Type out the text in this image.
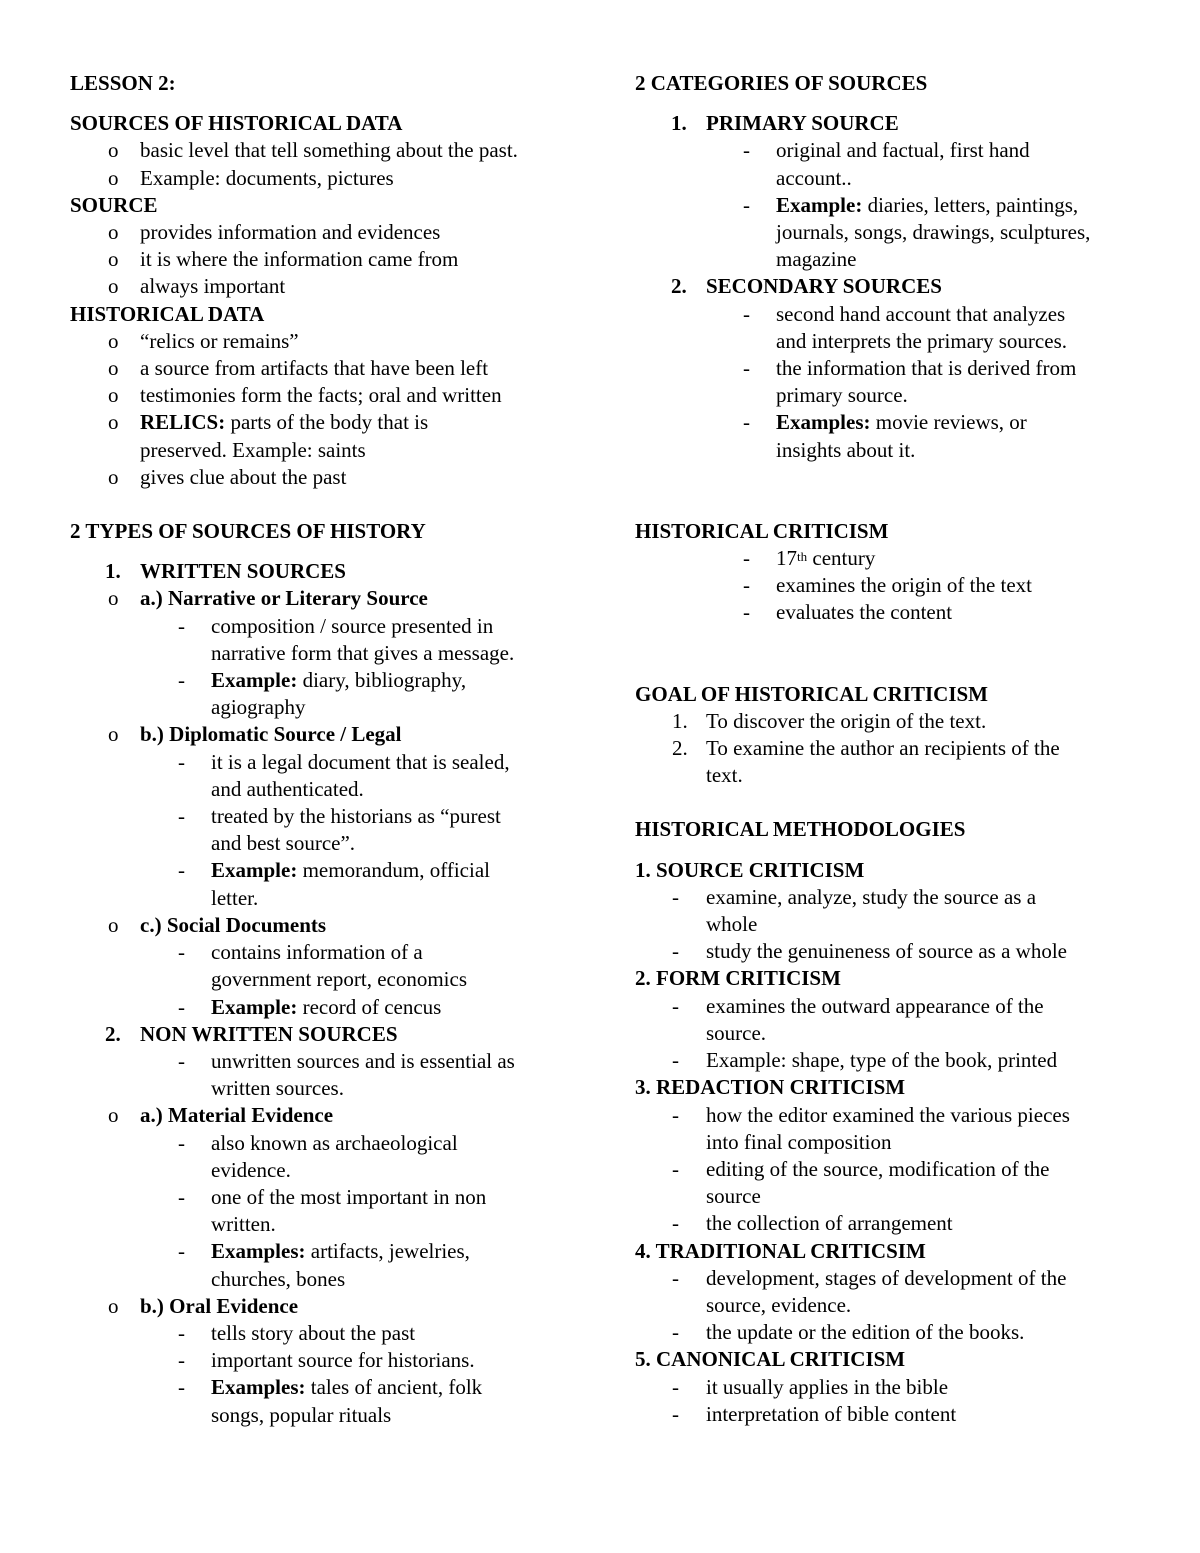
LESSON 2:
SOURCES OF HISTORICAL DATA
o basic level that tell something about the past.
o Example: documents, pictures
SOURCE
o provides information and evidences
o it is where the information came from
o always important
HISTORICAL DATA
o “relics or remains”
o a source from artifacts that have been left
o testimonies form the facts; oral and written
o RELICS: parts of the body that is
preserved. Example: saints
o gives clue about the past
2 TYPES OF SOURCES OF HISTORY
1. WRITTEN SOURCES
o a.) Narrative or Literary Source
- composition / source presented in
narrative form that gives a message.
- Example: diary, bibliography,
agiography
o b.) Diplomatic Source / Legal
- it is a legal document that is sealed,
and authenticated.
- treated by the historians as “purest
and best source”.
- Example: memorandum, official
letter.
o c.) Social Documents
- contains information of a
government report, economics
- Example: record of cencus
2. NON WRITTEN SOURCES
- unwritten sources and is essential as
written sources.
o a.) Material Evidence
- also known as archaeological
evidence.
- one of the most important in non
written.
- Examples: artifacts, jewelries,
churches, bones
o b.) Oral Evidence
- tells story about the past
- important source for historians.
- Examples: tales of ancient, folk
songs, popular rituals
2 CATEGORIES OF SOURCES
1. PRIMARY SOURCE
- original and factual, first hand
account..
- Example: diaries, letters, paintings,
journals, songs, drawings, sculptures,
magazine
2. SECONDARY SOURCES
- second hand account that analyzes
and interprets the primary sources.
- the information that is derived from
primary source.
- Examples: movie reviews, or
insights about it.
HISTORICAL CRITICISM
- 17th century
- examines the origin of the text
- evaluates the content
GOAL OF HISTORICAL CRITICISM
1. To discover the origin of the text.
2. To examine the author an recipients of the
text.
HISTORICAL METHODOLOGIES
1. SOURCE CRITICISM
- examine, analyze, study the source as a
whole
- study the genuineness of source as a whole
2. FORM CRITICISM
- examines the outward appearance of the
source.
- Example: shape, type of the book, printed
3. REDACTION CRITICISM
- how the editor examined the various pieces
into final composition
- editing of the source, modification of the
source
- the collection of arrangement
4. TRADITIONAL CRITICSIM
- development, stages of development of the
source, evidence.
- the update or the edition of the books.
5. CANONICAL CRITICISM
- it usually applies in the bible
- interpretation of bible content
